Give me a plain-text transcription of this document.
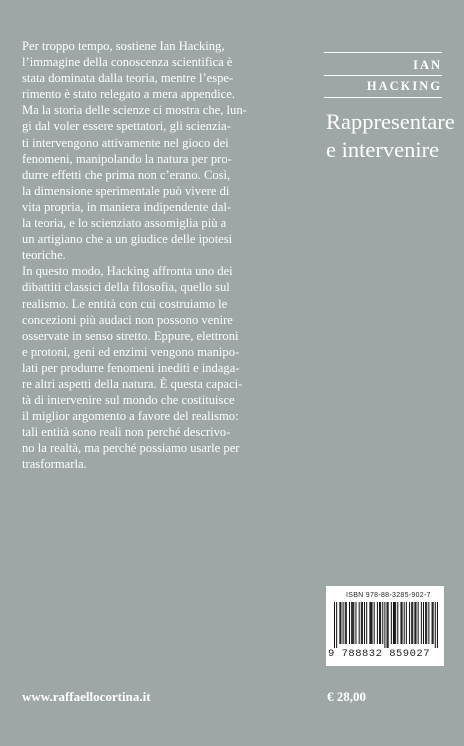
Per troppo tempo, sostiene Ian Hacking,
l’immagine della conoscenza scientifica è
stata dominata dalla teoria, mentre l’espe-
rimento è stato relegato a mera appendice.
Ma la storia delle scienze ci mostra che, lun-
gi dal voler essere spettatori, gli scienzia-
ti intervengono attivamente nel gioco dei
fenomeni, manipolando la natura per pro-
durre effetti che prima non c’erano. Così,
la dimensione sperimentale può vivere di
vita propria, in maniera indipendente dal-
la teoria, e lo scienziato assomiglia più a
un artigiano che a un giudice delle ipotesi
teoriche.
In questo modo, Hacking affronta uno dei
dibattiti classici della filosofia, quello sul
realismo. Le entità con cui costruiamo le
concezioni più audaci non possono venire
osservate in senso stretto. Eppure, elettroni
e protoni, geni ed enzimi vengono manipo-
lati per produrre fenomeni inediti e indaga-
re altri aspetti della natura. È questa capaci-
tà di intervenire sul mondo che costituisce
il miglior argomento a favore del realismo:
tali entità sono reali non perché descrivo-
no la realtà, ma perché possiamo usarle per
trasformarla.
IAN
HACKING
Rappresentare
e intervenire
ISBN 978-88-3285-902-7
9 788832 859027
www.raffaellocortina.it	€ 28,00
